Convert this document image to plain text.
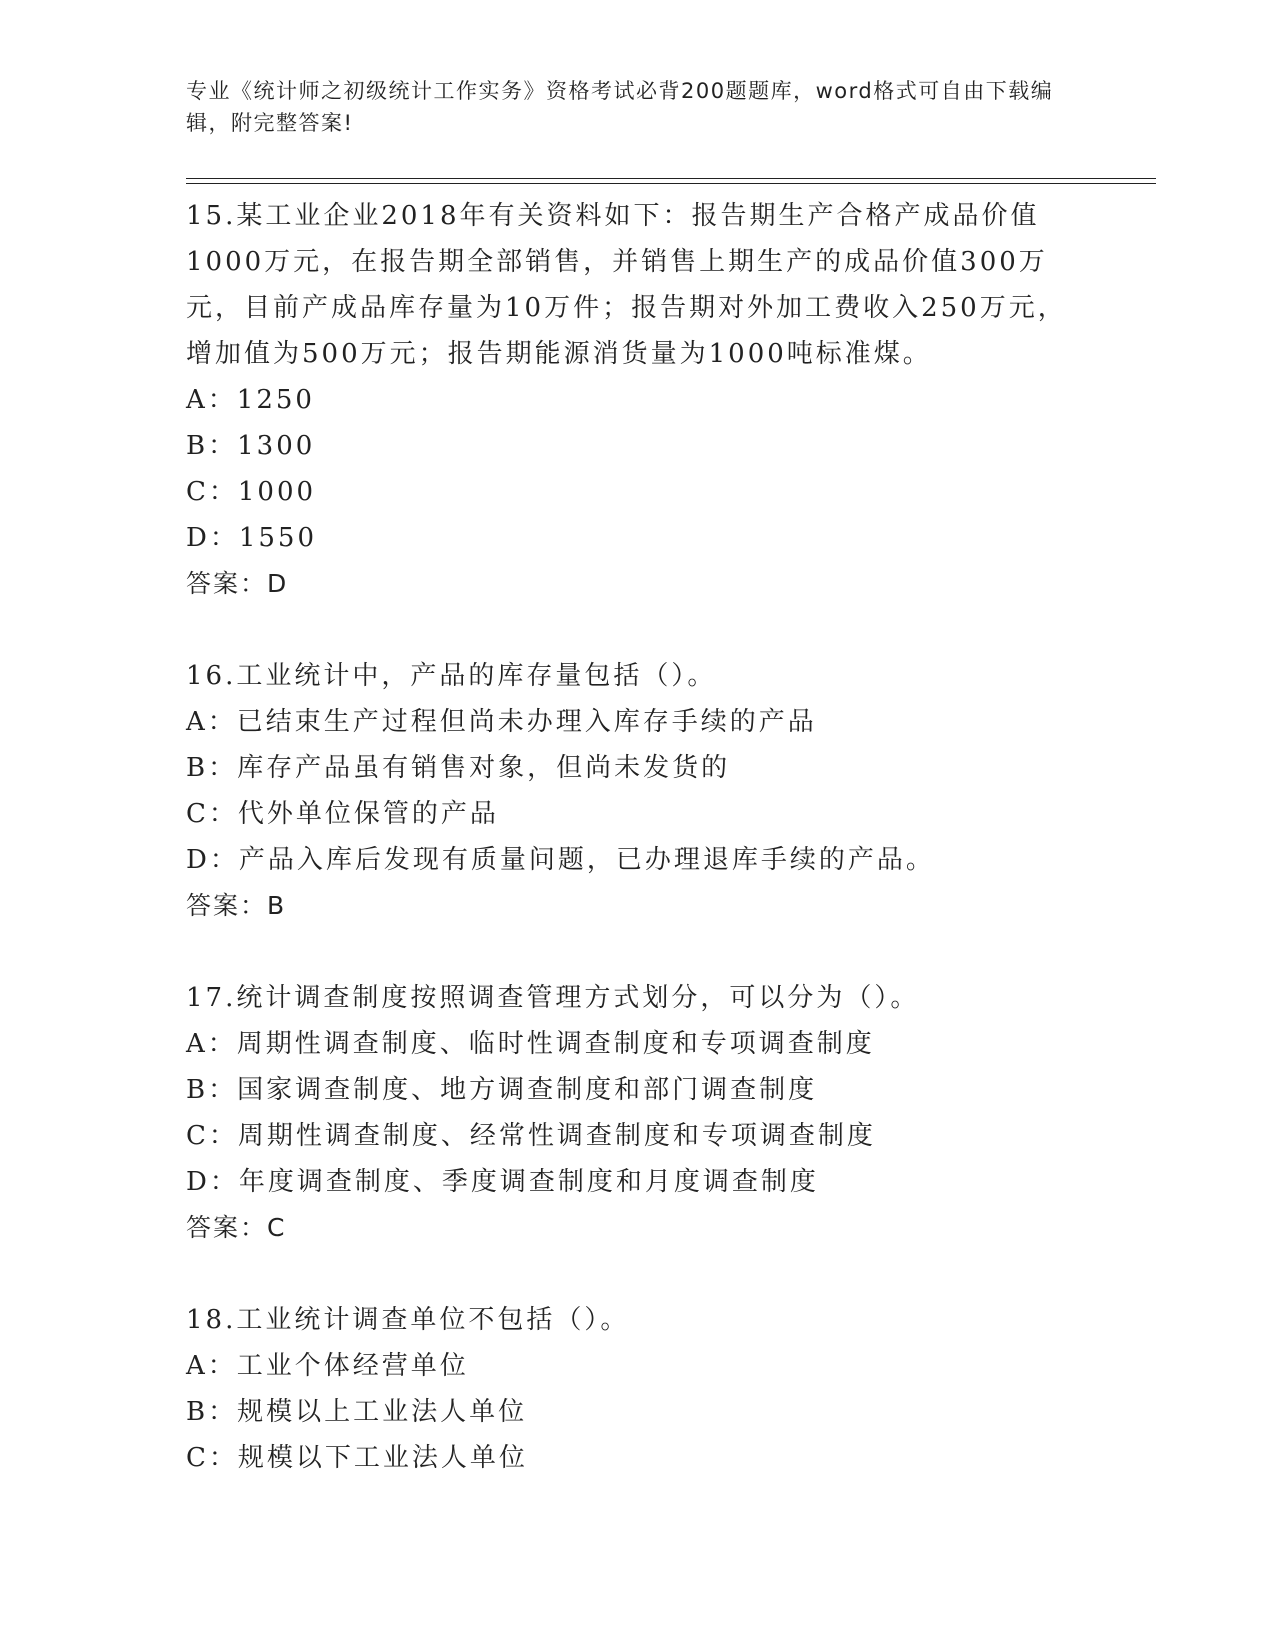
专业《统计师之初级统计工作实务》资格考试必背200题题库，word格式可自由下载编辑，附完整答案!

15.某工业企业2018年有关资料如下：报告期生产合格产成品价值1000万元，在报告期全部销售，并销售上期生产的成品价值300万元，目前产成品库存量为10万件；报告期对外加工费收入250万元，增加值为500万元；报告期能源消货量为1000吨标准煤。

A：1250
B：1300
C：1000
D：1550
答案：D

16.工业统计中，产品的库存量包括（）。

A：已结束生产过程但尚未办理入库存手续的产品
B：库存产品虽有销售对象，但尚未发货的
C：代外单位保管的产品
D：产品入库后发现有质量问题，已办理退库手续的产品。
答案：B

17.统计调查制度按照调查管理方式划分，可以分为（）。

A：周期性调查制度、临时性调查制度和专项调查制度
B：国家调查制度、地方调查制度和部门调查制度
C：周期性调查制度、经常性调查制度和专项调查制度
D：年度调查制度、季度调查制度和月度调查制度
答案：C

18.工业统计调查单位不包括（）。

A：工业个体经营单位
B：规模以上工业法人单位
C：规模以下工业法人单位
